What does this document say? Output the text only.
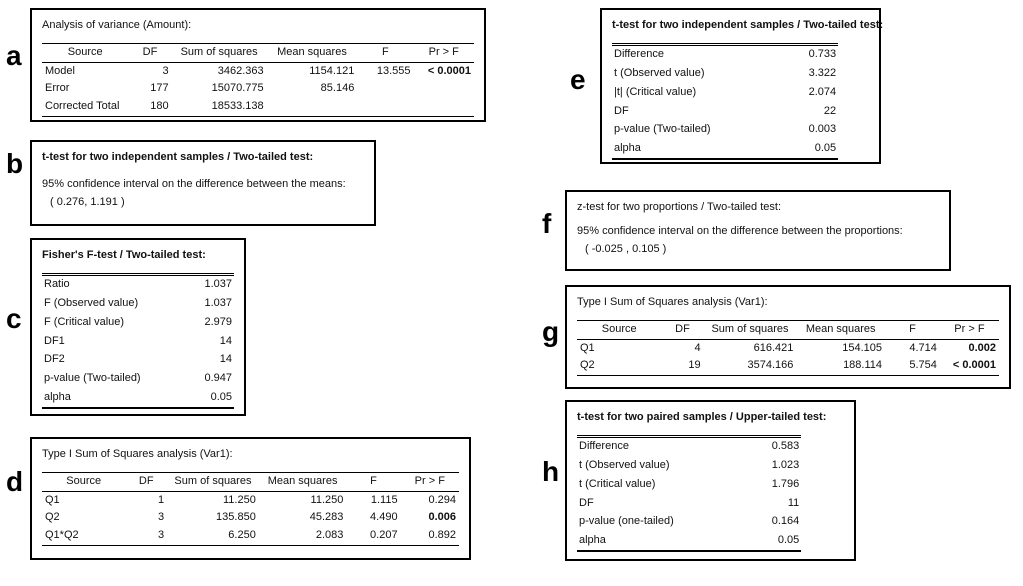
a
Analysis of variance (Amount):
Source	DF	Sum of squares	Mean squares	F	Pr > F
Model	3	3462.363	1154.121	13.555	< 0.0001
Error	177	15070.775	85.146		
Corrected Total	180	18533.138			
b t-test for two independent samples / Two-tailed test:
95% confidence interval on the difference between the means:
( 0.276, 1.191 )
c
Fisher's F-test / Two-tailed test:
Ratio	1.037
F (Observed value)	1.037
F (Critical value)	2.979
DF1	14
DF2	14
p-value (Two-tailed)	0.947
alpha	0.05
d
Type I Sum of Squares analysis (Var1):
Source	DF	Sum of squares	Mean squares	F	Pr > F
Q1	1	11.250	11.250	1.115	0.294
Q2	3	135.850	45.283	4.490	0.006
Q1*Q2	3	6.250	2.083	0.207	0.892
e
t-test for two independent samples / Two-tailed test:
Difference	0.733
t (Observed value)	3.322
|t| (Critical value)	2.074
DF	22
p-value (Two-tailed)	0.003
alpha	0.05
f
z-test for two proportions / Two-tailed test:
95% confidence interval on the difference between the proportions:
( -0.025 , 0.105 )
g
Type I Sum of Squares analysis (Var1):
Source	DF	Sum of squares	Mean squares	F	Pr > F
Q1	4	616.421	154.105	4.714	0.002
Q2	19	3574.166	188.114	5.754	< 0.0001
h
t-test for two paired samples / Upper-tailed test:
Difference	0.583
t (Observed value)	1.023
t (Critical value)	1.796
DF	11
p-value (one-tailed)	0.164
alpha	0.05
